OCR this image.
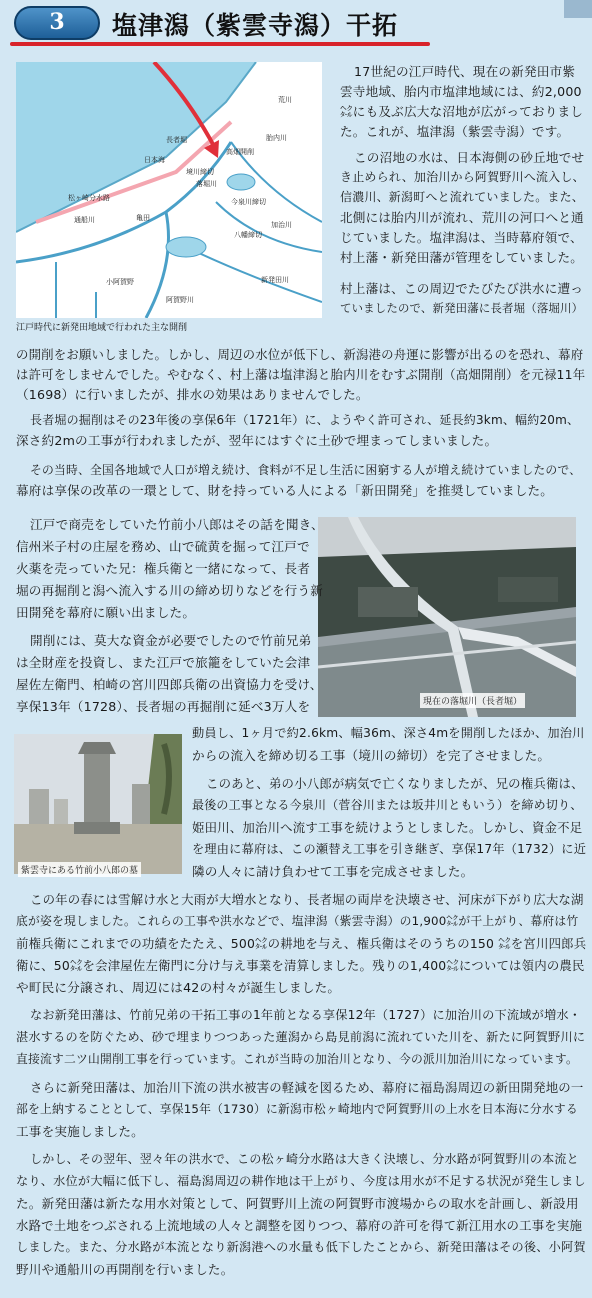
3	塩津潟（紫雲寺潟）干拓
高畑開削
長者堀
日本海
松ヶ崎分水路
境川締切
落堀川
通船川	亀田
小阿賀野
今泉川締切
八幡締切
荒川
阿賀野川
加治川
新発田川
胎内川
江戸時代に新発田地域で行われた主な開削
現在の落堀川（長者堀）
紫雲寺にある竹前小八郎の墓
17世紀の江戸時代、現在の新発田市紫
雲寺地域、胎内市塩津地域には、約2,000
㌶にも及ぶ広大な沼地が広がっておりまし
た。これが、塩津潟（紫雲寺潟）です。
この沼地の水は、日本海側の砂丘地でせ
き止められ、加治川から阿賀野川へ流入し、
信濃川、新潟町へと流れていました。また、
北側には胎内川が流れ、荒川の河口へと通
じていました。塩津潟は、当時幕府領で、
村上藩・新発田藩が管理をしていました。
村上藩は、この周辺でたびたび洪水に遭っ
ていましたので、新発田藩に長者堀（落堀川）
の開削をお願いしました。しかし、周辺の水位が低下し、新潟港の舟運に影響が出るのを恐れ、幕府
は許可をしませんでした。やむなく、村上藩は塩津潟と胎内川をむすぶ開削（高畑開削）を元禄11年
（1698）に行いましたが、排水の効果はありませんでした。
長者堀の掘削はその23年後の享保6年（1721年）に、ようやく許可され、延長約3km、幅約20m、
深さ約2mの工事が行われましたが、翌年にはすぐに土砂で埋まってしまいました。
その当時、全国各地域で人口が増え続け、食料が不足し生活に困窮する人が増え続けていましたので、
幕府は享保の改革の一環として、財を持っている人による「新田開発」を推奨していました。
江戸で商売をしていた竹前小八郎はその話を聞き、
信州米子村の庄屋を務め、山で硫黄を掘って江戸で
火薬を売っていた兄：権兵衛と一緒になって、長者
堀の再掘削と潟へ流入する川の締め切りなどを行う新
田開発を幕府に願い出ました。
開削には、莫大な資金が必要でしたので竹前兄弟
は全財産を投資し、また江戸で旅籠をしていた会津
屋佐左衛門、柏崎の宮川四郎兵衛の出資協力を受け、
享保13年（1728）、長者堀の再掘削に延べ3万人を
動員し、1ヶ月で約2.6km、幅36m、深さ4mを開削したほか、加治川
からの流入を締め切る工事（境川の締切）を完了させました。
このあと、弟の小八郎が病気で亡くなりましたが、兄の権兵衛は、
最後の工事となる今泉川（菅谷川または坂井川ともいう）を締め切り、
姫田川、加治川へ流す工事を続けようとしました。しかし、資金不足
を理由に幕府は、この瀬替え工事を引き継ぎ、享保17年（1732）に近
隣の人々に請け負わせて工事を完成させました。
この年の春には雪解け水と大雨が大増水となり、長者堀の両岸を決壊させ、河床が下がり広大な湖
底が姿を現しました。これらの工事や洪水などで、塩津潟（紫雲寺潟）の1,900㌶が干上がり、幕府は竹
前権兵衛にこれまでの功績をたたえ、500㌶の耕地を与え、権兵衛はそのうちの150 ㌶を宮川四郎兵
衛に、50㌶を会津屋佐左衛門に分け与え事業を清算しました。残りの1,400㌶については領内の農民
や町民に分譲され、周辺には42の村々が誕生しました。
なお新発田藩は、竹前兄弟の干拓工事の1年前となる享保12年（1727）に加治川の下流域が増水・
湛水するのを防ぐため、砂で埋まりつつあった蓮潟から島見前潟に流れていた川を、新たに阿賀野川に
直接流す二ツ山開削工事を行っています。これが当時の加治川となり、今の派川加治川になっています。
さらに新発田藩は、加治川下流の洪水被害の軽減を図るため、幕府に福島潟周辺の新田開発地の一
部を上納することとして、享保15年（1730）に新潟市松ヶ崎地内で阿賀野川の上水を日本海に分水する
工事を実施しました。
しかし、その翌年、翌々年の洪水で、この松ヶ崎分水路は大きく決壊し、分水路が阿賀野川の本流と
なり、水位が大幅に低下し、福島潟周辺の耕作地は干上がり、今度は用水が不足する状況が発生しまし
た。新発田藩は新たな用水対策として、阿賀野川上流の阿賀野市渡場からの取水を計画し、新設用
水路で土地をつぶされる上流地域の人々と調整を図りつつ、幕府の許可を得て新江用水の工事を実施
しました。また、分水路が本流となり新潟港への水量も低下したことから、新発田藩はその後、小阿賀
野川や通船川の再開削を行いました。
